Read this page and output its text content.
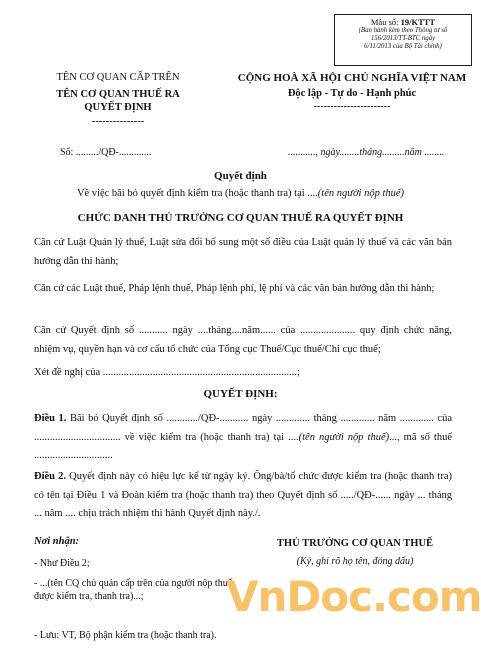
Mẫu số: 19/KTTT
(Ban hành kèm theo Thông tư số
156/2013/TT-BTC ngày
6/11/2013 của Bộ Tài chính)
TÊN CƠ QUAN CẤP TRÊN
TÊN CƠ QUAN THUẾ RA
QUYẾT ĐỊNH
---------------
CỘNG HOÀ XÃ HỘI CHỦ NGHĨA VIỆT NAM
Độc lập - Tự do - Hạnh phúc
-----------------------
Số: ........./QĐ-.............	..........., ngày........tháng.........năm ........
Quyết định
Về việc bãi bỏ quyết định kiểm tra (hoặc thanh tra) tại ....(tên người nộp thuế)
CHỨC DANH THỦ TRƯỞNG CƠ QUAN THUẾ RA QUYẾT ĐỊNH
Căn cứ Luật Quản lý thuế, Luật sửa đổi bổ sung một số điều của Luật quản lý thuế và các văn bản hướng dẫn thi hành;
Căn cứ các Luật thuế, Pháp lệnh thuế, Pháp lệnh phí, lệ phí và các văn bản hướng dẫn thi hành;
Căn cứ Quyết định số ........... ngày ....tháng....năm...... của ..................... quy định chức năng, nhiệm vụ, quyền hạn và cơ cấu tổ chức của Tổng cục Thuế/Cục thuế/Chi cục thuế;
Xét đề nghị của ..........................................................................;
QUYẾT ĐỊNH:
Điều 1. Bãi bỏ Quyết định số ............/QĐ-........... ngày ............. tháng ............. năm ............. của ................................. về việc kiểm tra (hoặc thanh tra) tại ....(tên người nộp thuế)..., mã số thuế ..............................
Điều 2. Quyết định này có hiệu lực kể từ ngày ký. Ông/bà/tổ chức được kiểm tra (hoặc thanh tra) có tên tại Điều 1 và Đoàn kiểm tra (hoặc thanh tra) theo Quyết định số ...../QĐ-...... ngày ... tháng ... năm .... chịu trách nhiệm thi hành Quyết định này./.
Nơi nhận:
- Như Điều 2;
- ...(tên CQ chủ quản cấp trên của người nộp thuế được kiểm tra, thanh tra)...;
- Lưu: VT, Bộ phận kiểm tra (hoặc thanh tra).
THỦ TRƯỞNG CƠ QUAN THUẾ
(Ký, ghi rõ họ tên, đóng dấu)
VnDoc.com
